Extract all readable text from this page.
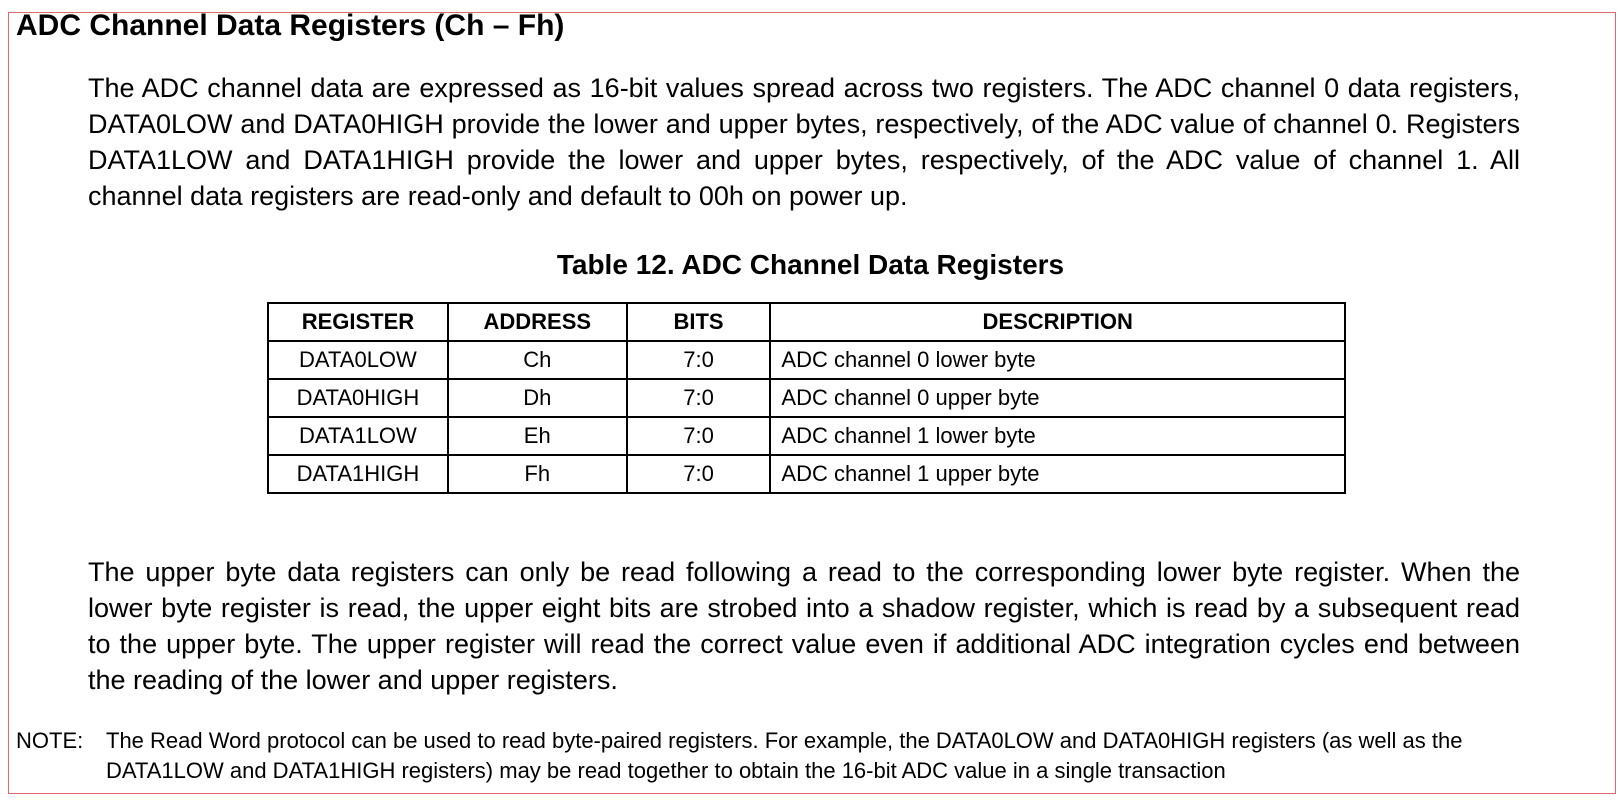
ADC Channel Data Registers (Ch – Fh)

The ADC channel data are expressed as 16-bit values spread across two registers. The ADC channel 0 data registers, DATA0LOW and DATA0HIGH provide the lower and upper bytes, respectively, of the ADC value of channel 0. Registers DATA1LOW and DATA1HIGH provide the lower and upper bytes, respectively, of the ADC value of channel 1. All channel data registers are read-only and default to 00h on power up.

Table 12. ADC Channel Data Registers
REGISTER	ADDRESS	BITS	DESCRIPTION
DATA0LOW	Ch	7:0	ADC channel 0 lower byte
DATA0HIGH	Dh	7:0	ADC channel 0 upper byte
DATA1LOW	Eh	7:0	ADC channel 1 lower byte
DATA1HIGH	Fh	7:0	ADC channel 1 upper byte

The upper byte data registers can only be read following a read to the corresponding lower byte register. When the lower byte register is read, the upper eight bits are strobed into a shadow register, which is read by a subsequent read to the upper byte. The upper register will read the correct value even if additional ADC integration cycles end between the reading of the lower and upper registers.

NOTE:	The Read Word protocol can be used to read byte-paired registers. For example, the DATA0LOW and DATA0HIGH registers (as well as the DATA1LOW and DATA1HIGH registers) may be read together to obtain the 16-bit ADC value in a single transaction
